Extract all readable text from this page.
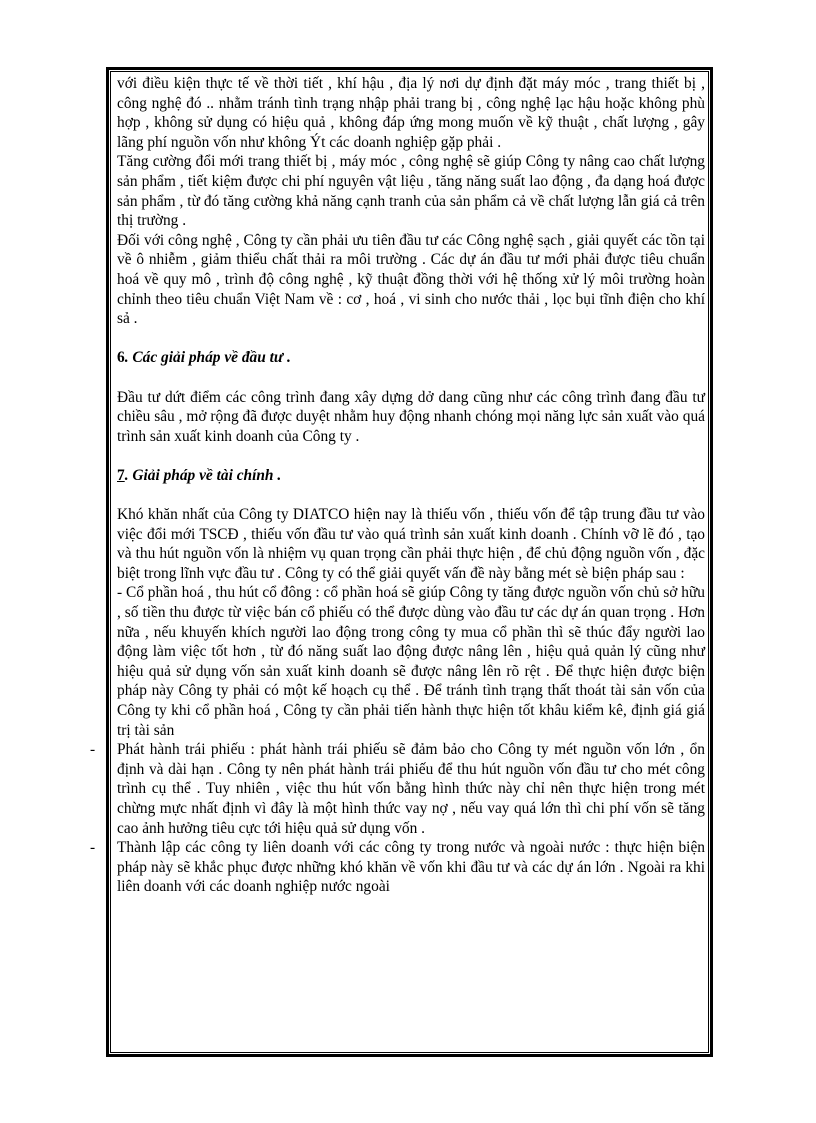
với điều kiện thực tế về thời tiết , khí hậu , địa lý nơi dự định đặt máy móc , trang thiết bị , công nghệ đó .. nhằm tránh tình trạng nhập phải trang bị , công nghệ lạc hậu hoặc không phù hợp , không sử dụng có hiệu quả , không đáp ứng mong muốn về kỹ thuật , chất lượng , gây lãng phí nguồn vốn như không Ýt các doanh nghiệp gặp phải .

Tăng cường đổi mới trang thiết bị , máy móc , công nghệ sẽ giúp Công ty nâng cao chất lượng sản phẩm , tiết kiệm được chi phí nguyên vật liệu , tăng năng suất lao động , đa dạng hoá được sản phẩm , từ đó tăng cường khả năng cạnh tranh của sản phẩm cả về chất lượng lẫn giá cả trên thị trường .

Đối với công nghệ , Công ty cần phải ưu tiên đầu tư các Công nghệ sạch , giải quyết các tồn tại về ô nhiễm , giảm thiểu chất thải ra môi trường . Các dự án đầu tư mới phải được tiêu chuẩn hoá về quy mô , trình độ công nghệ , kỹ thuật đồng thời với hệ thống xử lý môi trường hoàn chỉnh theo tiêu chuẩn Việt Nam về : cơ , hoá , vi sinh cho nước thải , lọc bụi tĩnh điện cho khí sả .

6. Các giải pháp về đầu tư .

Đầu tư dứt điểm các công trình đang xây dựng dở dang cũng như các công trình đang đầu tư chiều sâu , mở rộng đã được duyệt nhằm huy động nhanh chóng mọi năng lực sản xuất vào quá trình sản xuất kinh doanh của Công ty .

7. Giải pháp về tài chính .

Khó khăn nhất của Công ty DIATCO hiện nay là thiếu vốn , thiếu vốn để tập trung đầu tư vào việc đổi mới TSCĐ , thiếu vốn đầu tư vào quá trình sản xuất kinh doanh . Chính vỡ lẽ đó , tạo và thu hút nguồn vốn là nhiệm vụ quan trọng cần phải thực hiện , để chủ động nguồn vốn , đặc biệt trong lĩnh vực đầu tư . Công ty có thể giải quyết vấn đề này bằng mét sè biện pháp sau :

- Cổ phần hoá , thu hút cổ đông : cổ phần hoá sẽ giúp Công ty tăng được nguồn vốn chủ sở hữu , số tiền thu được từ việc bán cổ phiếu có thể được dùng vào đầu tư các dự án quan trọng . Hơn nữa , nếu khuyến khích người lao động trong công ty mua cổ phần thì sẽ thúc đẩy người lao động làm việc tốt hơn , từ đó năng suất lao động được nâng lên , hiệu quả quản lý cũng như hiệu quả sử dụng vốn sản xuất kinh doanh sẽ được nâng lên rõ rệt . Để thực hiện được biện pháp này Công ty phải có một kế hoạch cụ thể . Để tránh tình trạng thất thoát tài sản vốn của Công ty khi cổ phần hoá , Công ty cần phải tiến hành thực hiện tốt khâu kiểm kê, định giá giá trị tài sản

- Phát hành trái phiếu : phát hành trái phiếu sẽ đảm bảo cho Công ty mét nguồn vốn lớn , ổn định và dài hạn . Công ty nên phát hành trái phiếu để thu hút nguồn vốn đầu tư cho mét công trình cụ thể . Tuy nhiên , việc thu hút vốn bằng hình thức này chỉ nên thực hiện trong mét chừng mực nhất định vì đây là một hình thức vay nợ , nếu vay quá lớn thì chi phí vốn sẽ tăng cao ảnh hưởng tiêu cực tới hiệu quả sử dụng vốn .

- Thành lập các công ty liên doanh với các công ty trong nước và ngoài nước : thực hiện biện pháp này sẽ khắc phục được những khó khăn về vốn khi đầu tư và các dự án lớn . Ngoài ra khi liên doanh với các doanh nghiệp nước ngoài
